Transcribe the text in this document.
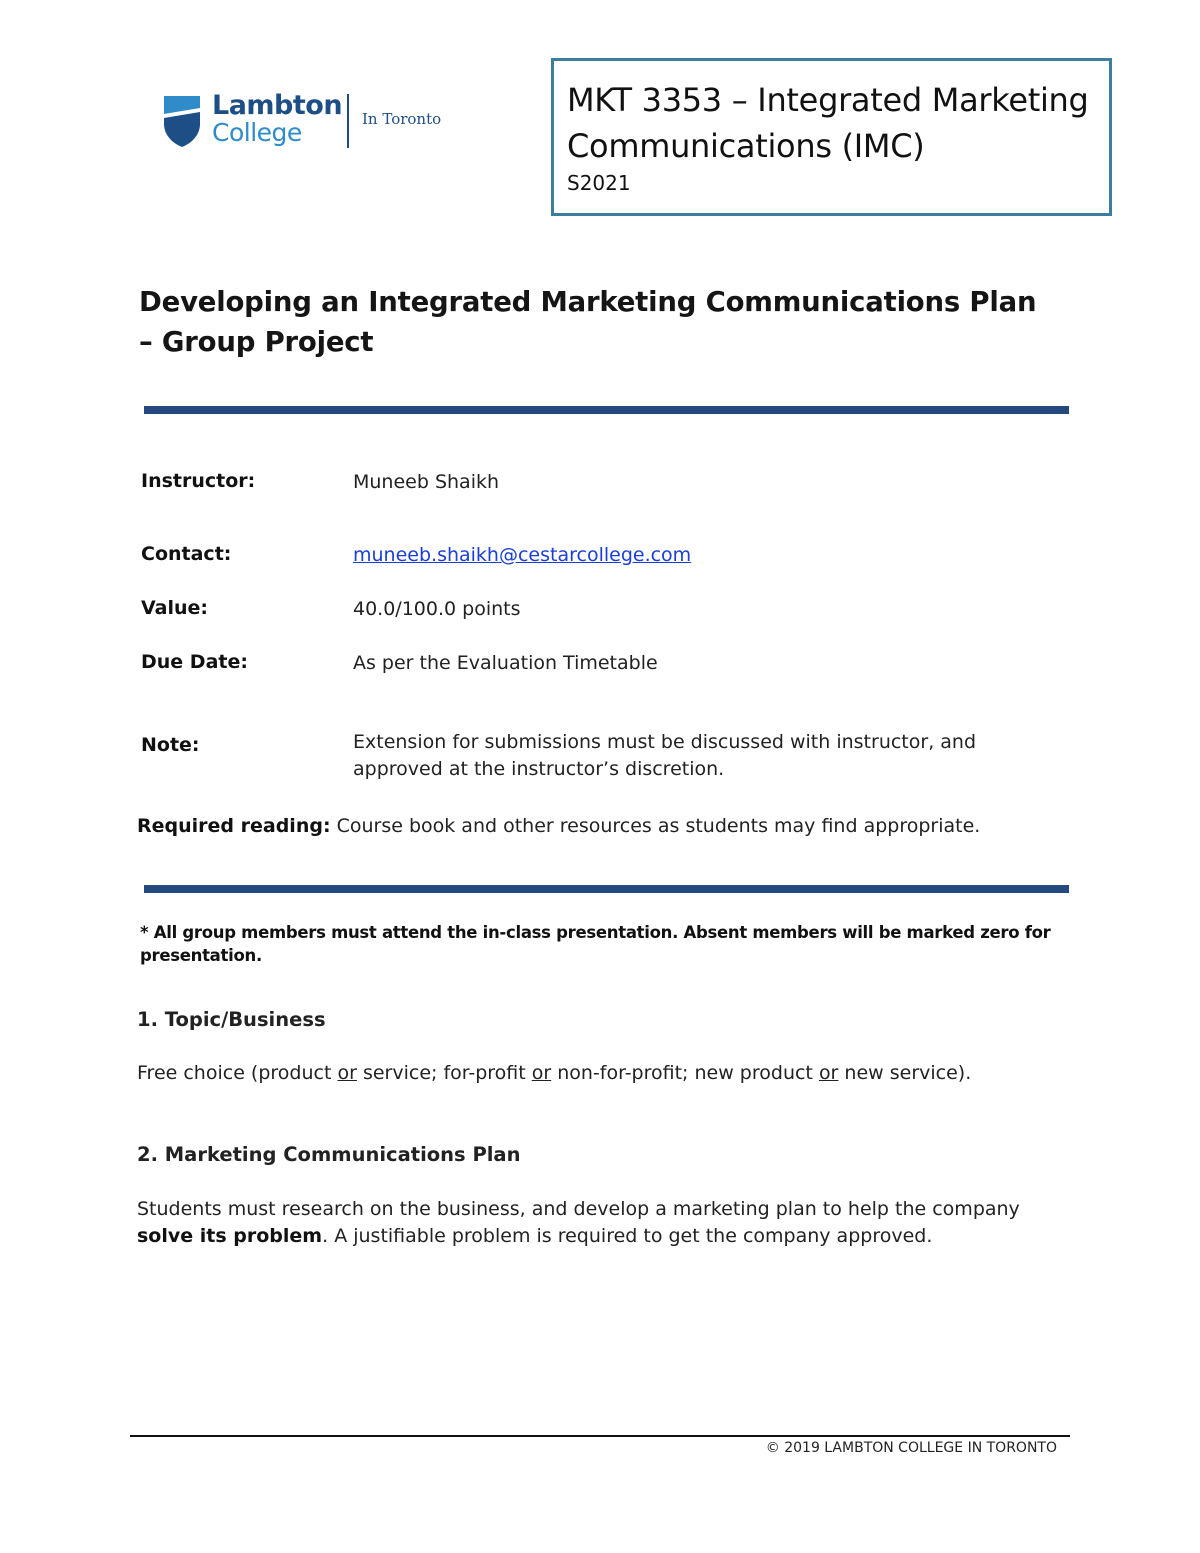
Lambton
College	In Toronto	MKT 3353 – Integrated Marketing Communications (IMC)
S2021
Developing an Integrated Marketing Communications Plan – Group Project
Instructor:	Muneeb Shaikh
Contact:	muneeb.shaikh@cestarcollege.com
Value:	40.0/100.0 points
Due Date:	As per the Evaluation Timetable
Note:	Extension for submissions must be discussed with instructor, and approved at the instructor’s discretion.
Required reading: Course book and other resources as students may find appropriate.
* All group members must attend the in-class presentation. Absent members will be marked zero for presentation.
1. Topic/Business
Free choice (product or service; for-profit or non-for-profit; new product or new service).
2. Marketing Communications Plan
Students must research on the business, and develop a marketing plan to help the company solve its problem. A justifiable problem is required to get the company approved.
© 2019 LAMBTON COLLEGE IN TORONTO
